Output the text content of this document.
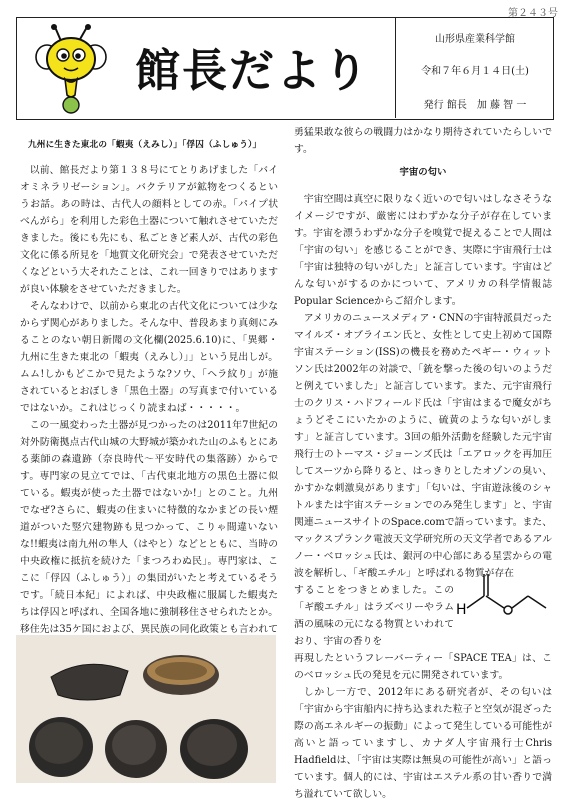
第２４３号
館長だより
山形県産業科学館
令和７年６月１４日(土)
発行 館長　加 藤 智 一
九州に生きた東北の「蝦夷（えみし）」「俘囚（ふしゅう）」

以前、館長だより第１３８号にてとりあげました「バイオミネラリゼーション」。バクテリアが鉱物をつくるというお話。あの時は、古代人の顔料としての赤。「パイプ状べんがら」を利用した彩色土器について触れさせていただきました。後にも先にも、私ごときど素人が、古代の彩色文化に係る所見を「地質文化研究会」で発表させていただくなどという大それたことは、これ一回きりではありますが良い体験をさせていただきました。

そんなわけで、以前から東北の古代文化については少なからず関心がありました。そんな中、普段あまり真剣にみることのない朝日新聞の文化欄(2025.6.10)に、「異郷・九州に生きた東北の「蝦夷（えみし）」」という見出しが。ムム!しかもどこかで見たような?ソウ、「ヘラ紋り」が施されているとおぼしき「黒色土器」の写真まで付いているではないか。これはじっくり読まねば・・・・・。

この一風変わった土器が見つかったのは2011年7世紀の対外防衛拠点古代山城の大野城が築かれた山のふもとにある薬師の森遺跡（奈良時代～平安時代の集落跡）からです。専門家の見立てでは、「古代東北地方の黒色土器に似ている。蝦夷が使った土器ではないか!」とのこと。九州でなぜ?さらに、蝦夷の住まいに特徴的なかまどの長い煙道がついた竪穴建物跡も見つかって、こりゃ間違いないな!!蝦夷は南九州の隼人（はやと）などとともに、当時の中央政権に抵抗を続けた「まつろわぬ民」。専門家は、ここに「俘囚（ふしゅう）」の集団がいたと考えているそうです。「続日本紀」によれば、中央政権に服属した蝦夷たちは俘囚と呼ばれ、全国各地に強制移住させられたとか。移住先は35ケ国におよび、異民族の同化政策とも言われて

勇猛果敢な彼らの戦闘力はかなり期待されていたらしいです。

宇宙の匂い

宇宙空間は真空に限りなく近いので匂いはしなさそうなイメージですが、厳密にはわずかな分子が存在しています。宇宙を漂うわずかな分子を嗅覚で捉えることで人間は「宇宙の匂い」を感じることができ、実際に宇宙飛行士は「宇宙は独特の匂いがした」と証言しています。宇宙はどんな匂いがするのかについて、アメリカの科学情報誌Popular Scienceからご紹介します。

アメリカのニュースメディア・CNNの宇宙特派員だったマイルズ・オブライエン氏と、女性として史上初めて国際宇宙ステーション(ISS)の機長を務めたペギー・ウィットソン氏は2002年の対談で、「銃を撃った後の匂いのようだと例えていました」と証言しています。また、元宇宙飛行士のクリス・ハドフィールド氏は「宇宙はまるで魔女がちょうどそこにいたかのように、硫黄のような匂いがします」と証言しています。3回の船外活動を経験した元宇宙飛行士のトーマス・ジョーンズ氏は「エアロックを再加圧してスーツから降りると、はっきりとしたオゾンの臭い、かすかな刺激臭があります」「匂いは、宇宙遊泳後のシャトルまたは宇宙ステーションでのみ発生します」と、宇宙関連ニュースサイトのSpace.comで語っています。また、マックスプランク電波天文学研究所の天文学者であるアルノー・ベロッシュ氏は、銀河の中心部にある星雲からの電波を解析し、「ギ酸エチル」と呼ばれる物質が存在

することをつきとめました。この「ギ酸エチル」はラズベリーやラム酒の風味の元になる物質といわれており、宇宙の香りを

再現したというフレーバーティー「SPACE TEA」は、このベロッシュ氏の発見を元に開発されています。

しかし一方で、2012年にある研究者が、その匂いは「宇宙から宇宙船内に持ち込まれた粒子と空気が混ざった際の高エネルギーの振動」によって発生している可能性が高いと語っていますし、カナダ人宇宙飛行士Chris Hadfieldは、「宇宙は実際は無臭の可能性が高い」と語っています。個人的には、宇宙はエステル系の甘い香りで満ち溢れていて欲しい。

H
